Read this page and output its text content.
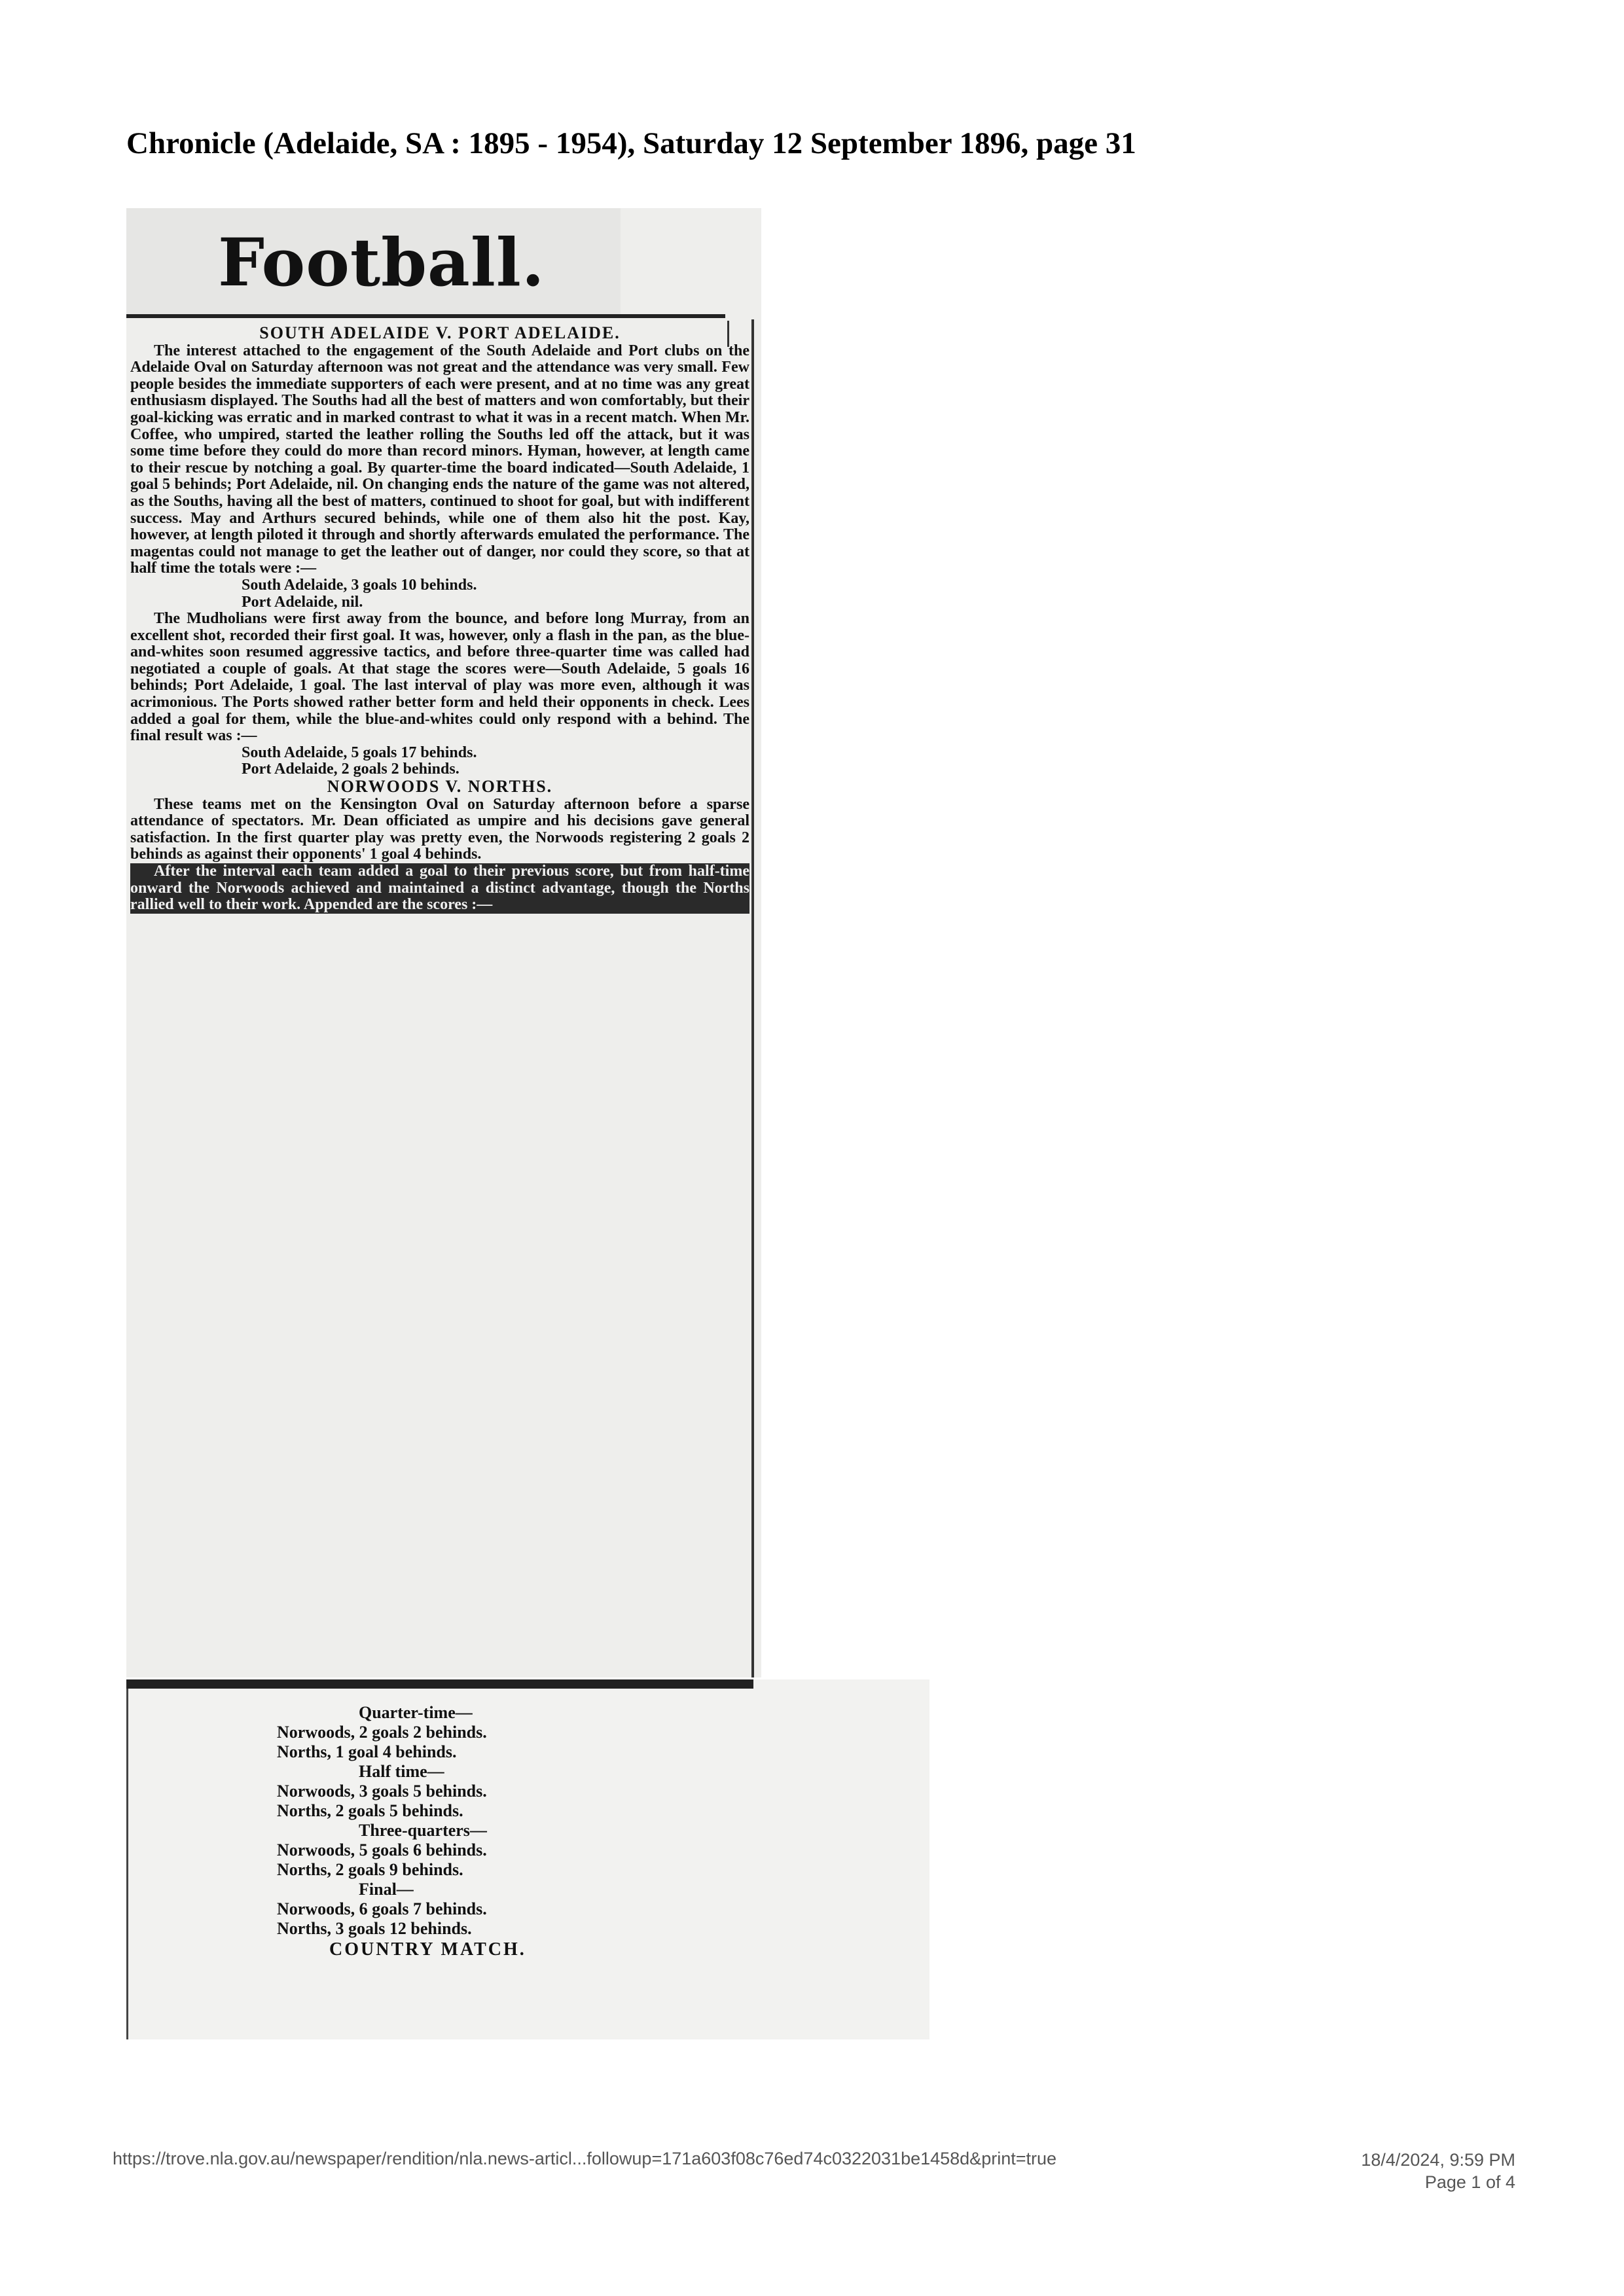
Chronicle (Adelaide, SA : 1895 - 1954), Saturday 12 September 1896, page 31
Football.

SOUTH ADELAIDE V. PORT ADELAIDE.

The interest attached to the engagement of the South Adelaide and Port clubs on the Adelaide Oval on Saturday afternoon was not great and the attendance was very small. Few people besides the immediate supporters of each were present, and at no time was any great enthusiasm displayed. The Souths had all the best of matters and won comfortably, but their goal-kicking was erratic and in marked contrast to what it was in a recent match. When Mr. Coffee, who umpired, started the leather rolling the Souths led off the attack, but it was some time before they could do more than record minors. Hyman, however, at length came to their rescue by notching a goal. By quarter-time the board indicated—South Adelaide, 1 goal 5 behinds; Port Adelaide, nil. On changing ends the nature of the game was not altered, as the Souths, having all the best of matters, continued to shoot for goal, but with indifferent success. May and Arthurs secured behinds, while one of them also hit the post. Kay, however, at length piloted it through and shortly afterwards emulated the performance. The magentas could not manage to get the leather out of danger, nor could they score, so that at half time the totals were :—

South Adelaide, 3 goals 10 behinds.

Port Adelaide, nil.

The Mudholians were first away from the bounce, and before long Murray, from an excellent shot, recorded their first goal. It was, however, only a flash in the pan, as the blue-and-whites soon resumed aggressive tactics, and before three-quarter time was called had negotiated a couple of goals. At that stage the scores were—South Adelaide, 5 goals 16 behinds; Port Adelaide, 1 goal. The last interval of play was more even, although it was acrimonious. The Ports showed rather better form and held their opponents in check. Lees added a goal for them, while the blue-and-whites could only respond with a behind. The final result was :—

South Adelaide, 5 goals 17 behinds.

Port Adelaide, 2 goals 2 behinds.

NORWOODS V. NORTHS.

These teams met on the Kensington Oval on Saturday afternoon before a sparse attendance of spectators. Mr. Dean officiated as umpire and his decisions gave general satisfaction. In the first quarter play was pretty even, the Norwoods registering 2 goals 2 behinds as against their opponents' 1 goal 4 behinds.

After the interval each team added a goal to their previous score, but from half-time onward the Norwoods achieved and maintained a distinct advantage, though the Norths rallied well to their work. Appended are the scores :—

Quarter-time—
Norwoods, 2 goals 2 behinds.
Norths, 1 goal 4 behinds.
Half time—
Norwoods, 3 goals 5 behinds.
Norths, 2 goals 5 behinds.
Three-quarters—
Norwoods, 5 goals 6 behinds.
Norths, 2 goals 9 behinds.
Final—
Norwoods, 6 goals 7 behinds.
Norths, 3 goals 12 behinds.
COUNTRY MATCH.
https://trove.nla.gov.au/newspaper/rendition/nla.news-articl...followup=171a603f08c76ed74c0322031be1458d&print=true	18/4/2024, 9:59 PM
Page 1 of 4
